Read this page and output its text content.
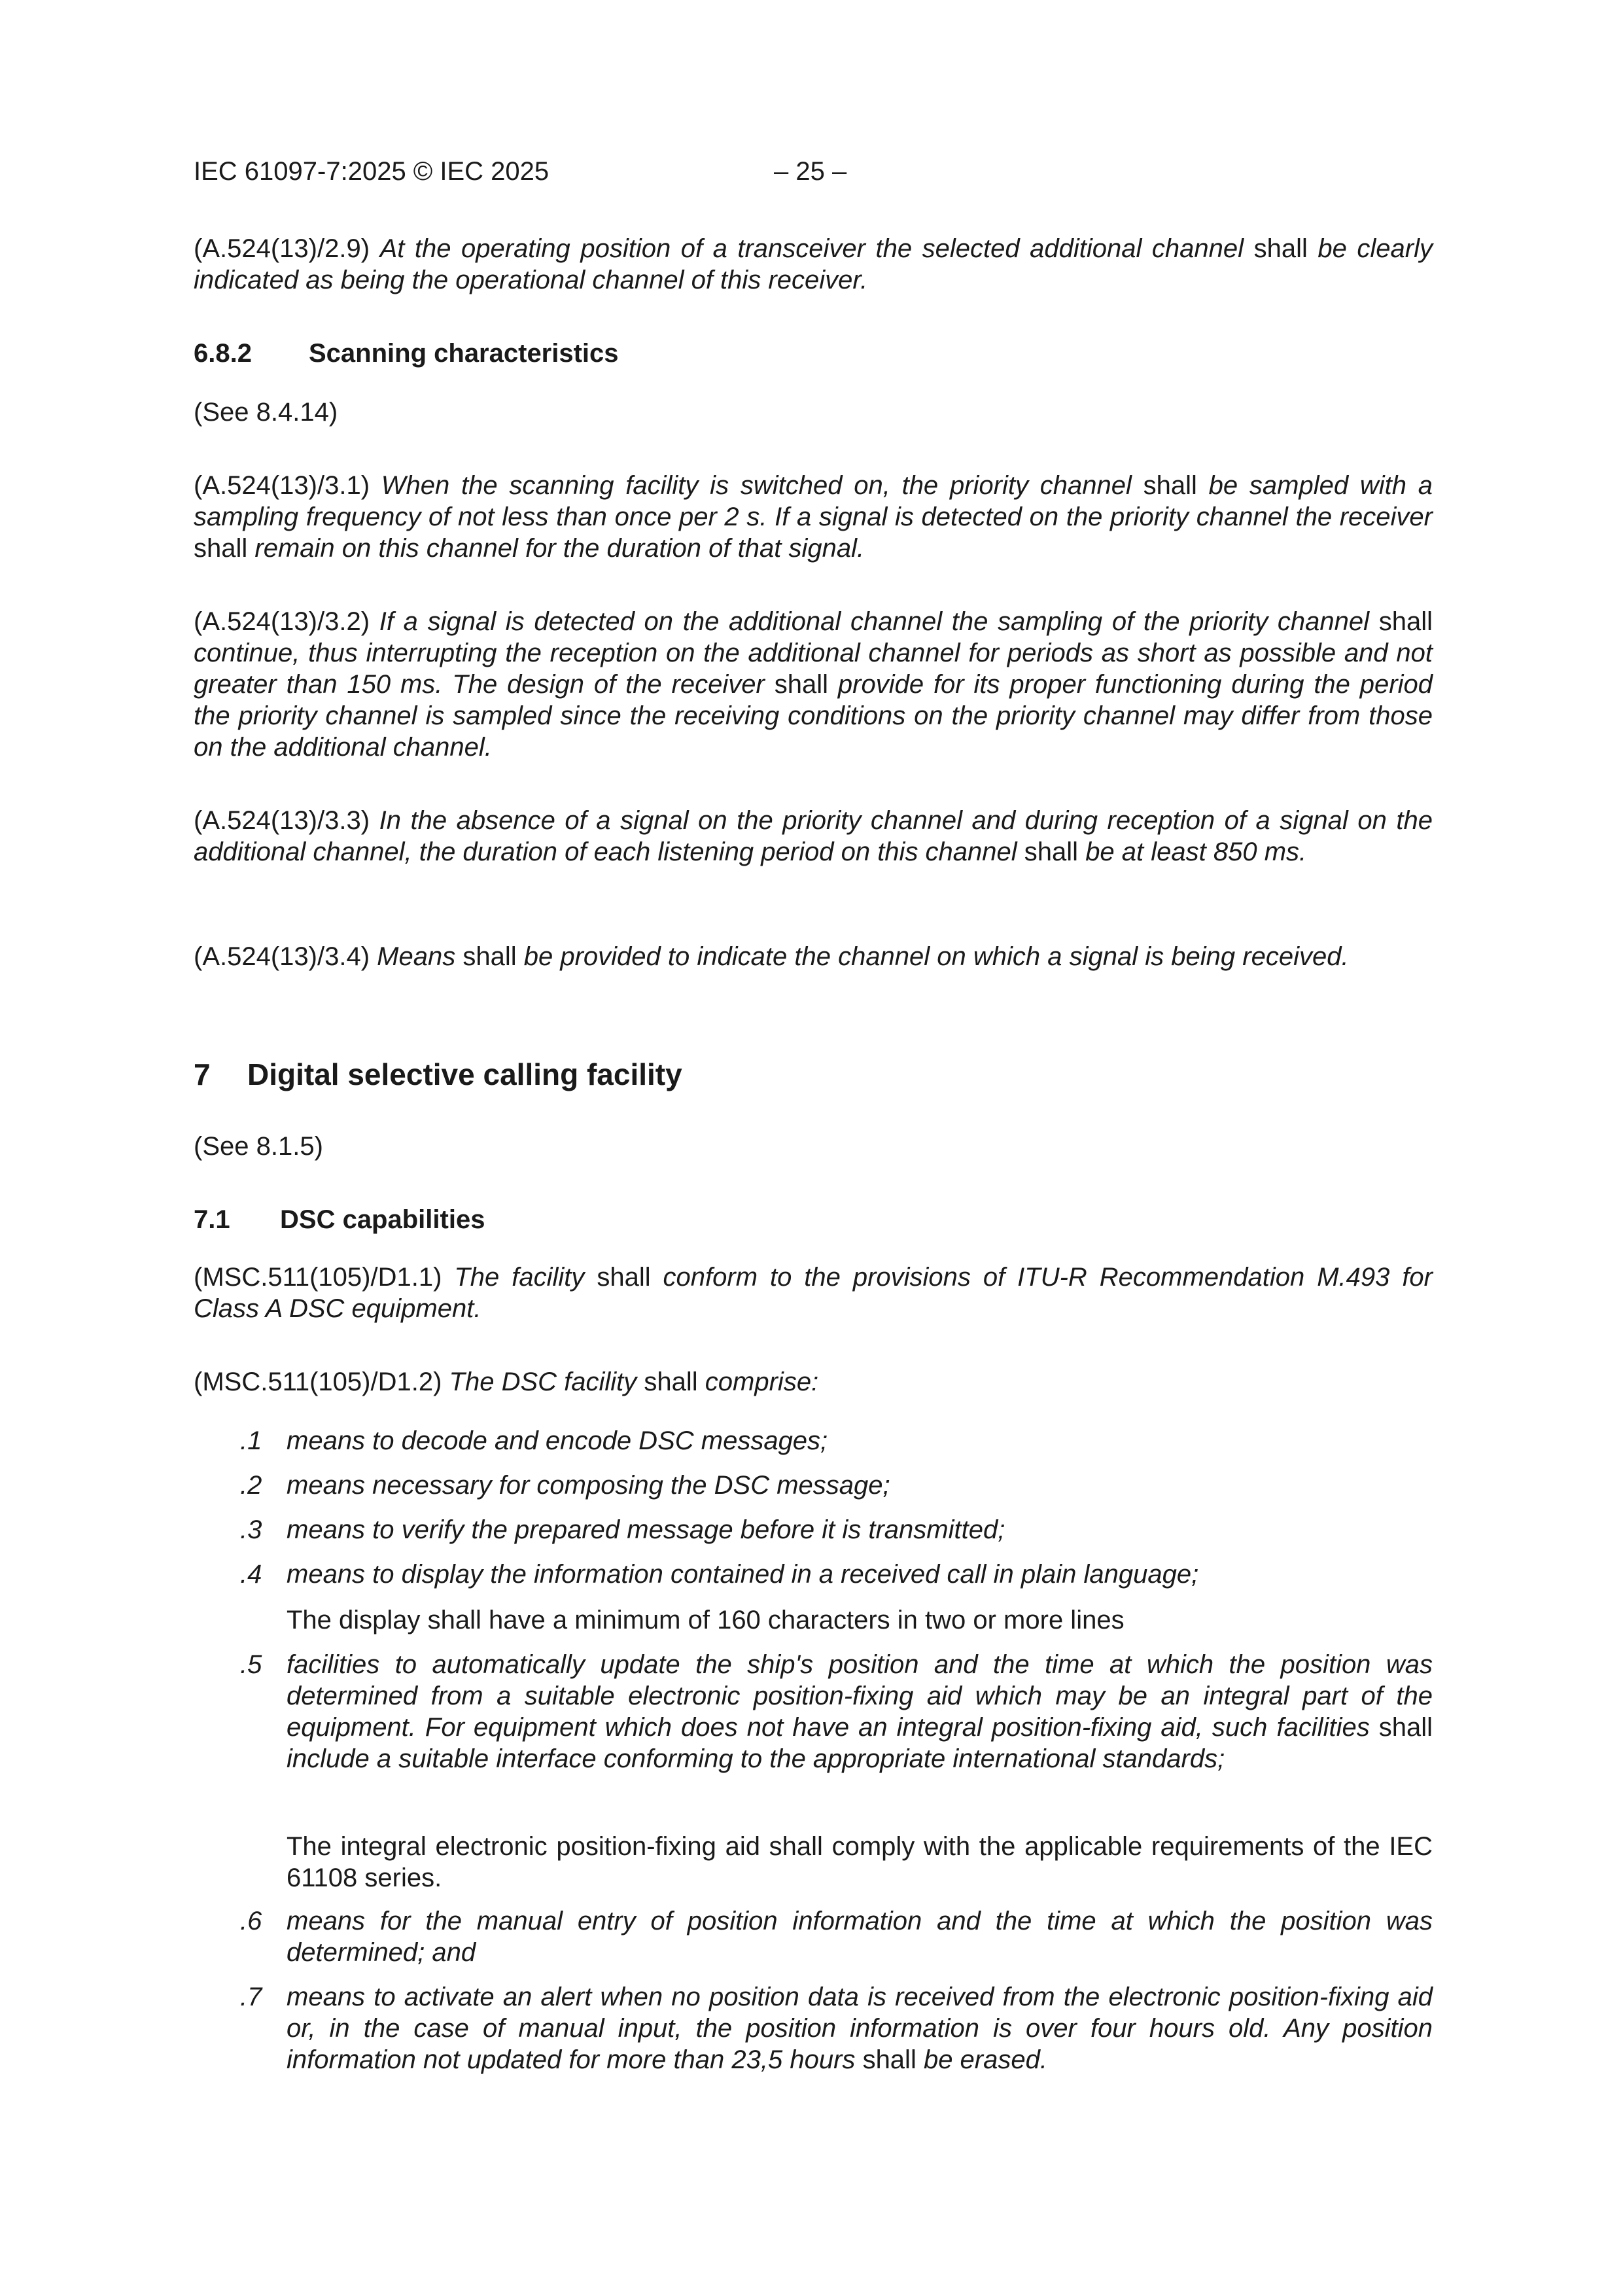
IEC 61097-7:2025 © IEC 2025	– 25 –

(A.524(13)/2.9) At the operating position of a transceiver the selected additional channel shall be clearly indicated as being the operational channel of this receiver.

6.8.2 Scanning characteristics
(See 8.4.14)

(A.524(13)/3.1) When the scanning facility is switched on, the priority channel shall be sampled with a sampling frequency of not less than once per 2 s. If a signal is detected on the priority channel the receiver shall remain on this channel for the duration of that signal.

(A.524(13)/3.2) If a signal is detected on the additional channel the sampling of the priority channel shall continue, thus interrupting the reception on the additional channel for periods as short as possible and not greater than 150 ms. The design of the receiver shall provide for its proper functioning during the period the priority channel is sampled since the receiving conditions on the priority channel may differ from those on the additional channel.

(A.524(13)/3.3) In the absence of a signal on the priority channel and during reception of a signal on the additional channel, the duration of each listening period on this channel shall be at least 850 ms.

(A.524(13)/3.4) Means shall be provided to indicate the channel on which a signal is being received.

7 Digital selective calling facility
(See 8.1.5)
7.1 DSC capabilities

(MSC.511(105)/D1.1) The facility shall conform to the provisions of ITU-R Recommendation M.493 for Class A DSC equipment.

(MSC.511(105)/D1.2) The DSC facility shall comprise:

.1 means to decode and encode DSC messages;
.2 means necessary for composing the DSC message;
.3 means to verify the prepared message before it is transmitted;
.4 means to display the information contained in a received call in plain language;
The display shall have a minimum of 160 characters in two or more lines
.5 facilities to automatically update the ship's position and the time at which the position was determined from a suitable electronic position-fixing aid which may be an integral part of the equipment. For equipment which does not have an integral position-fixing aid, such facilities shall include a suitable interface conforming to the appropriate international standards;
The integral electronic position-fixing aid shall comply with the applicable requirements of the IEC 61108 series.
.6 means for the manual entry of position information and the time at which the position was determined; and
.7 means to activate an alert when no position data is received from the electronic position-fixing aid or, in the case of manual input, the position information is over four hours old. Any position information not updated for more than 23,5 hours shall be erased.
